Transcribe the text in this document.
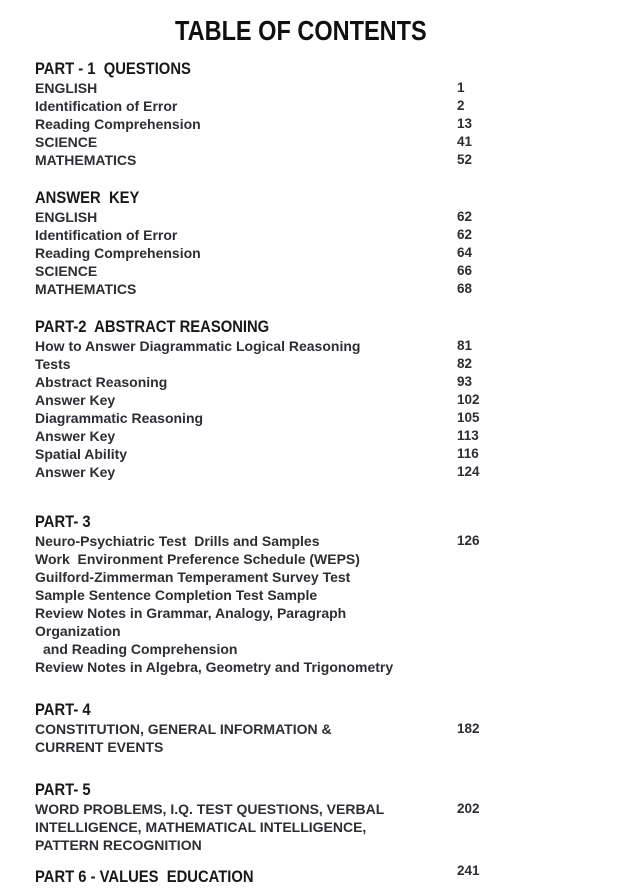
TABLE OF CONTENTS
PART - 1  QUESTIONS
ENGLISH	1
Identification of Error	2
Reading Comprehension	13
SCIENCE	41
MATHEMATICS	52
ANSWER  KEY
ENGLISH	62
Identification of Error	62
Reading Comprehension	64
SCIENCE	66
MATHEMATICS	68
PART-2  ABSTRACT REASONING
How to Answer Diagrammatic Logical Reasoning	81
Tests	82
Abstract Reasoning	93
Answer Key	102
Diagrammatic Reasoning	105
Answer Key	113
Spatial Ability	116
Answer Key	124
PART- 3
Neuro-Psychiatric Test  Drills and Samples	126
Work  Environment Preference Schedule (WEPS)
Guilford-Zimmerman Temperament Survey Test
Sample Sentence Completion Test Sample
Review Notes in Grammar, Analogy, Paragraph
Organization
and Reading Comprehension
Review Notes in Algebra, Geometry and Trigonometry
PART- 4
CONSTITUTION, GENERAL INFORMATION &	182
CURRENT EVENTS
PART- 5
WORD PROBLEMS, I.Q. TEST QUESTIONS, VERBAL	202
INTELLIGENCE, MATHEMATICAL INTELLIGENCE,
PATTERN RECOGNITION
PART 6 - VALUES  EDUCATION	241
